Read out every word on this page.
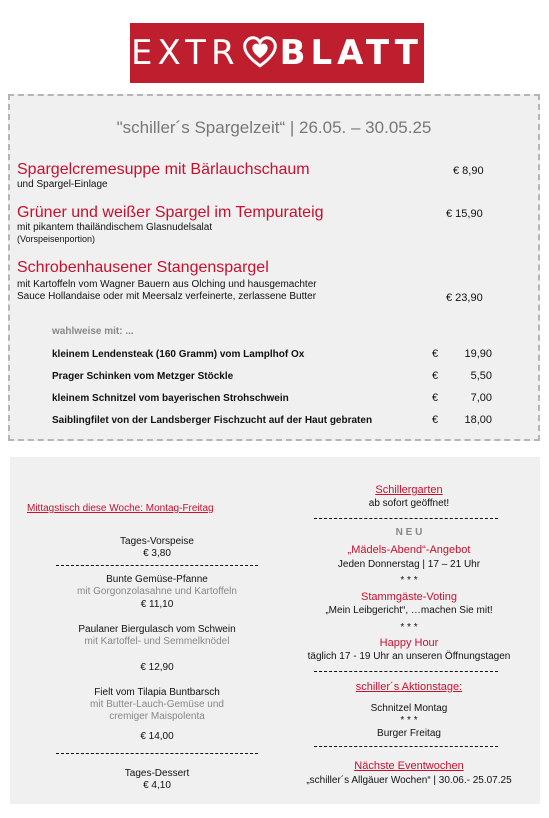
EXTR BLATT
"schiller´s Spargelzeit“ | 26.05. – 30.05.25
Spargelcremesuppe mit Bärlauchschaum
und Spargel-Einlage
€ 8,90
Grüner und weißer Spargel im Tempurateig
mit pikantem thailändischem Glasnudelsalat
(Vorspeisenportion)
€ 15,90
Schrobenhausener Stangenspargel
mit Kartoffeln vom Wagner Bauern aus Olching und hausgemachter
Sauce Hollandaise oder mit Meersalz verfeinerte, zerlassene Butter	€ 23,90
wahlweise mit: ...
kleinem Lendensteak (160 Gramm) vom Lamplhof Ox	€ 19,90
Prager Schinken vom Metzger Stöckle	€	5,50
kleinem Schnitzel vom bayerischen Strohschwein	€	7,00
Saiblingfilet von der Landsberger Fischzucht auf der Haut gebraten	€ 18,00
Mittagstisch diese Woche: Montag-Freitag
Tages-Vorspeise
€ 3,80
Bunte Gemüse-Pfanne
mit Gorgonzolasahne und Kartoffeln
€ 11,10
Paulaner Biergulasch vom Schwein
mit Kartoffel- und Semmelknödel
€ 12,90
Fielt vom Tilapia Buntbarsch
mit Butter-Lauch-Gemüse und
cremiger Maispolenta
€ 14,00
Tages-Dessert
€ 4,10
Schillergarten
ab sofort geöffnet!
N E U
„Mädels-Abend“-Angebot
Jeden Donnerstag | 17 – 21 Uhr
* * *
Stammgäste-Voting
„Mein Leibgericht“, …machen Sie mit!
* * *
Happy Hour
täglich 17 - 19 Uhr an unseren Öffnungstagen
schiller´s Aktionstage:
Schnitzel Montag
* * *
Burger Freitag
Nächste Eventwochen
„schiller´s Allgäuer Wochen“ | 30.06.- 25.07.25
